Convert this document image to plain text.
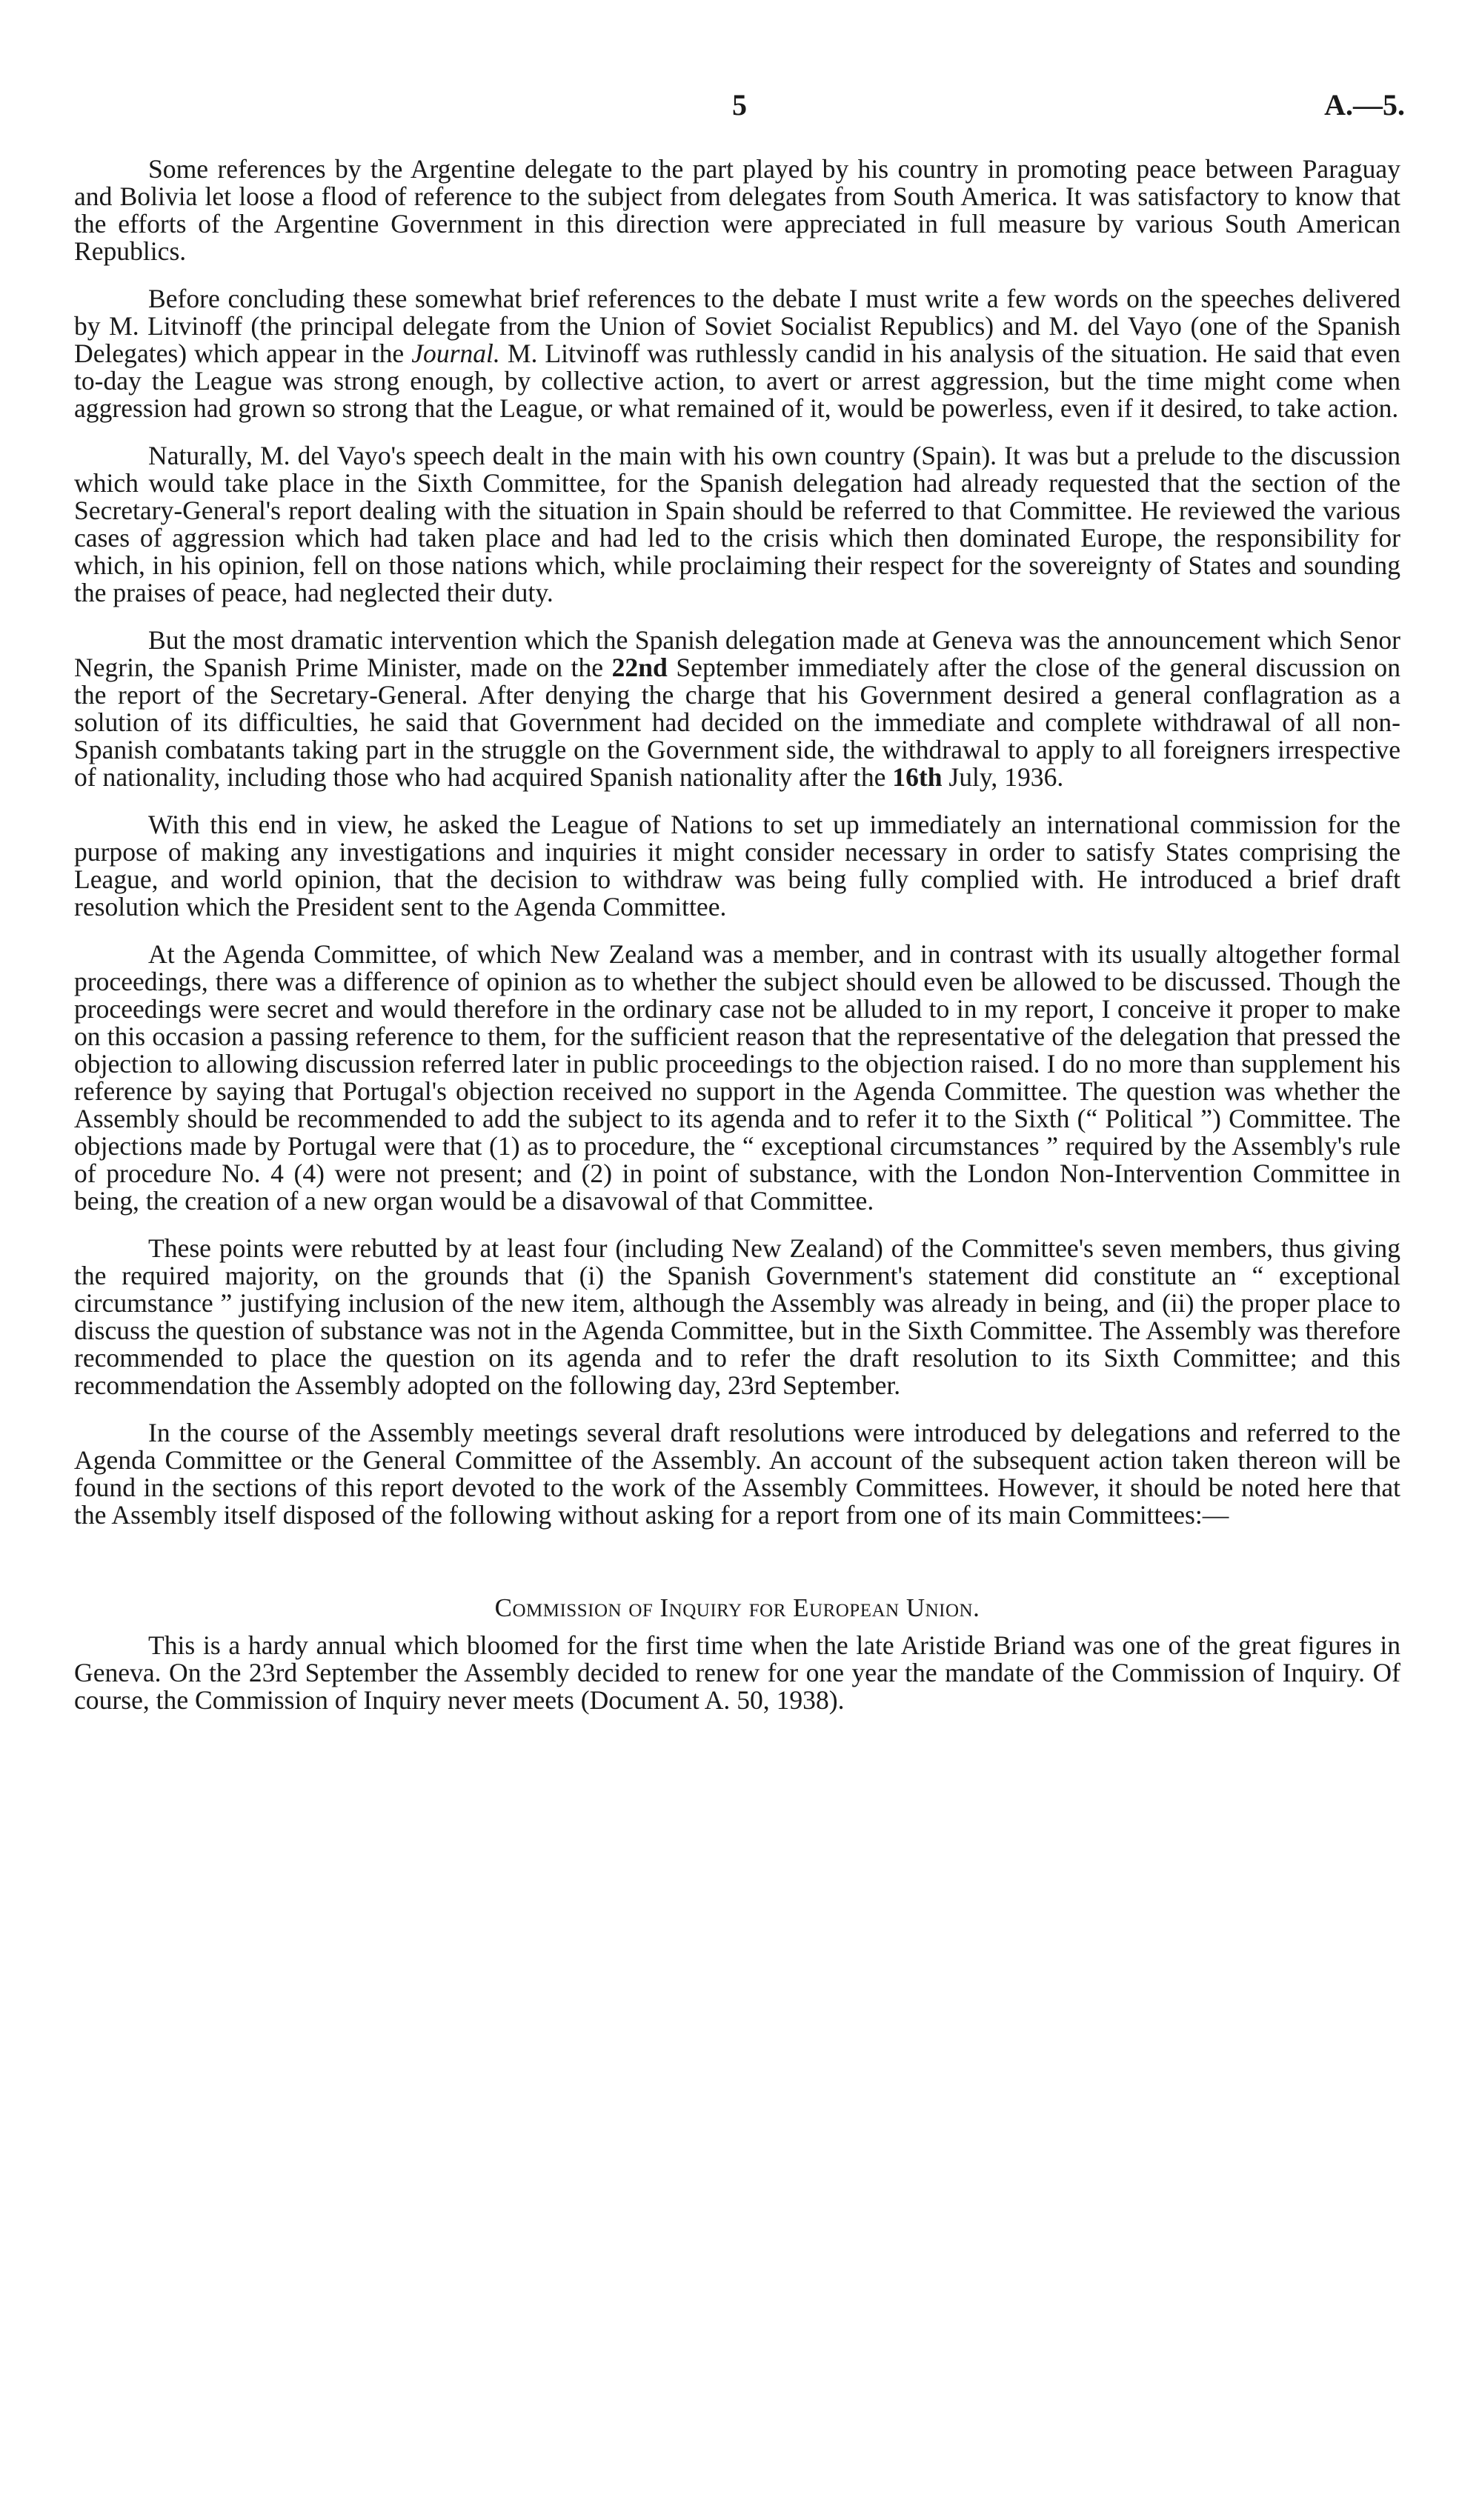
5	A.—5.

Some references by the Argentine delegate to the part played by his country in promoting peace between Paraguay and Bolivia let loose a flood of reference to the subject from delegates from South America. It was satisfactory to know that the efforts of the Argentine Government in this direction were appreciated in full measure by various South American Republics.

Before concluding these somewhat brief references to the debate I must write a few words on the speeches delivered by M. Litvinoff (the principal delegate from the Union of Soviet Socialist Republics) and M. del Vayo (one of the Spanish Delegates) which appear in the Journal. M. Litvinoff was ruthlessly candid in his analysis of the situation. He said that even to-day the League was strong enough, by collective action, to avert or arrest aggression, but the time might come when aggression had grown so strong that the League, or what remained of it, would be powerless, even if it desired, to take action.

Naturally, M. del Vayo's speech dealt in the main with his own country (Spain). It was but a prelude to the discussion which would take place in the Sixth Committee, for the Spanish delegation had already requested that the section of the Secretary-General's report dealing with the situation in Spain should be referred to that Committee. He reviewed the various cases of aggression which had taken place and had led to the crisis which then dominated Europe, the responsibility for which, in his opinion, fell on those nations which, while proclaiming their respect for the sovereignty of States and sounding the praises of peace, had neglected their duty.

But the most dramatic intervention which the Spanish delegation made at Geneva was the announcement which Senor Negrin, the Spanish Prime Minister, made on the 22nd September immediately after the close of the general discussion on the report of the Secretary-General. After denying the charge that his Government desired a general conflagration as a solution of its difficulties, he said that Government had decided on the immediate and complete withdrawal of all non-Spanish combatants taking part in the struggle on the Government side, the withdrawal to apply to all foreigners irrespective of nationality, including those who had acquired Spanish nationality after the 16th July, 1936.

With this end in view, he asked the League of Nations to set up immediately an international commission for the purpose of making any investigations and inquiries it might consider necessary in order to satisfy States comprising the League, and world opinion, that the decision to withdraw was being fully complied with. He introduced a brief draft resolution which the President sent to the Agenda Committee.

At the Agenda Committee, of which New Zealand was a member, and in contrast with its usually altogether formal proceedings, there was a difference of opinion as to whether the subject should even be allowed to be discussed. Though the proceedings were secret and would therefore in the ordinary case not be alluded to in my report, I conceive it proper to make on this occasion a passing reference to them, for the sufficient reason that the representative of the delegation that pressed the objection to allowing discussion referred later in public proceedings to the objection raised. I do no more than supplement his reference by saying that Portugal's objection received no support in the Agenda Committee. The question was whether the Assembly should be recommended to add the subject to its agenda and to refer it to the Sixth (“ Political ”) Committee. The objections made by Portugal were that (1) as to procedure, the “ exceptional circumstances ” required by the Assembly's rule of procedure No. 4 (4) were not present; and (2) in point of substance, with the London Non-Intervention Committee in being, the creation of a new organ would be a disavowal of that Committee.

These points were rebutted by at least four (including New Zealand) of the Committee's seven members, thus giving the required majority, on the grounds that (i) the Spanish Government's statement did constitute an “ exceptional circumstance ” justifying inclusion of the new item, although the Assembly was already in being, and (ii) the proper place to discuss the question of substance was not in the Agenda Committee, but in the Sixth Committee. The Assembly was therefore recommended to place the question on its agenda and to refer the draft resolution to its Sixth Committee; and this recommendation the Assembly adopted on the following day, 23rd September.

In the course of the Assembly meetings several draft resolutions were introduced by delegations and referred to the Agenda Committee or the General Committee of the Assembly. An account of the subsequent action taken thereon will be found in the sections of this report devoted to the work of the Assembly Committees. However, it should be noted here that the Assembly itself disposed of the following without asking for a report from one of its main Committees:—

Commission of Inquiry for European Union.

This is a hardy annual which bloomed for the first time when the late Aristide Briand was one of the great figures in Geneva. On the 23rd September the Assembly decided to renew for one year the mandate of the Commission of Inquiry. Of course, the Commission of Inquiry never meets (Document A. 50, 1938).
